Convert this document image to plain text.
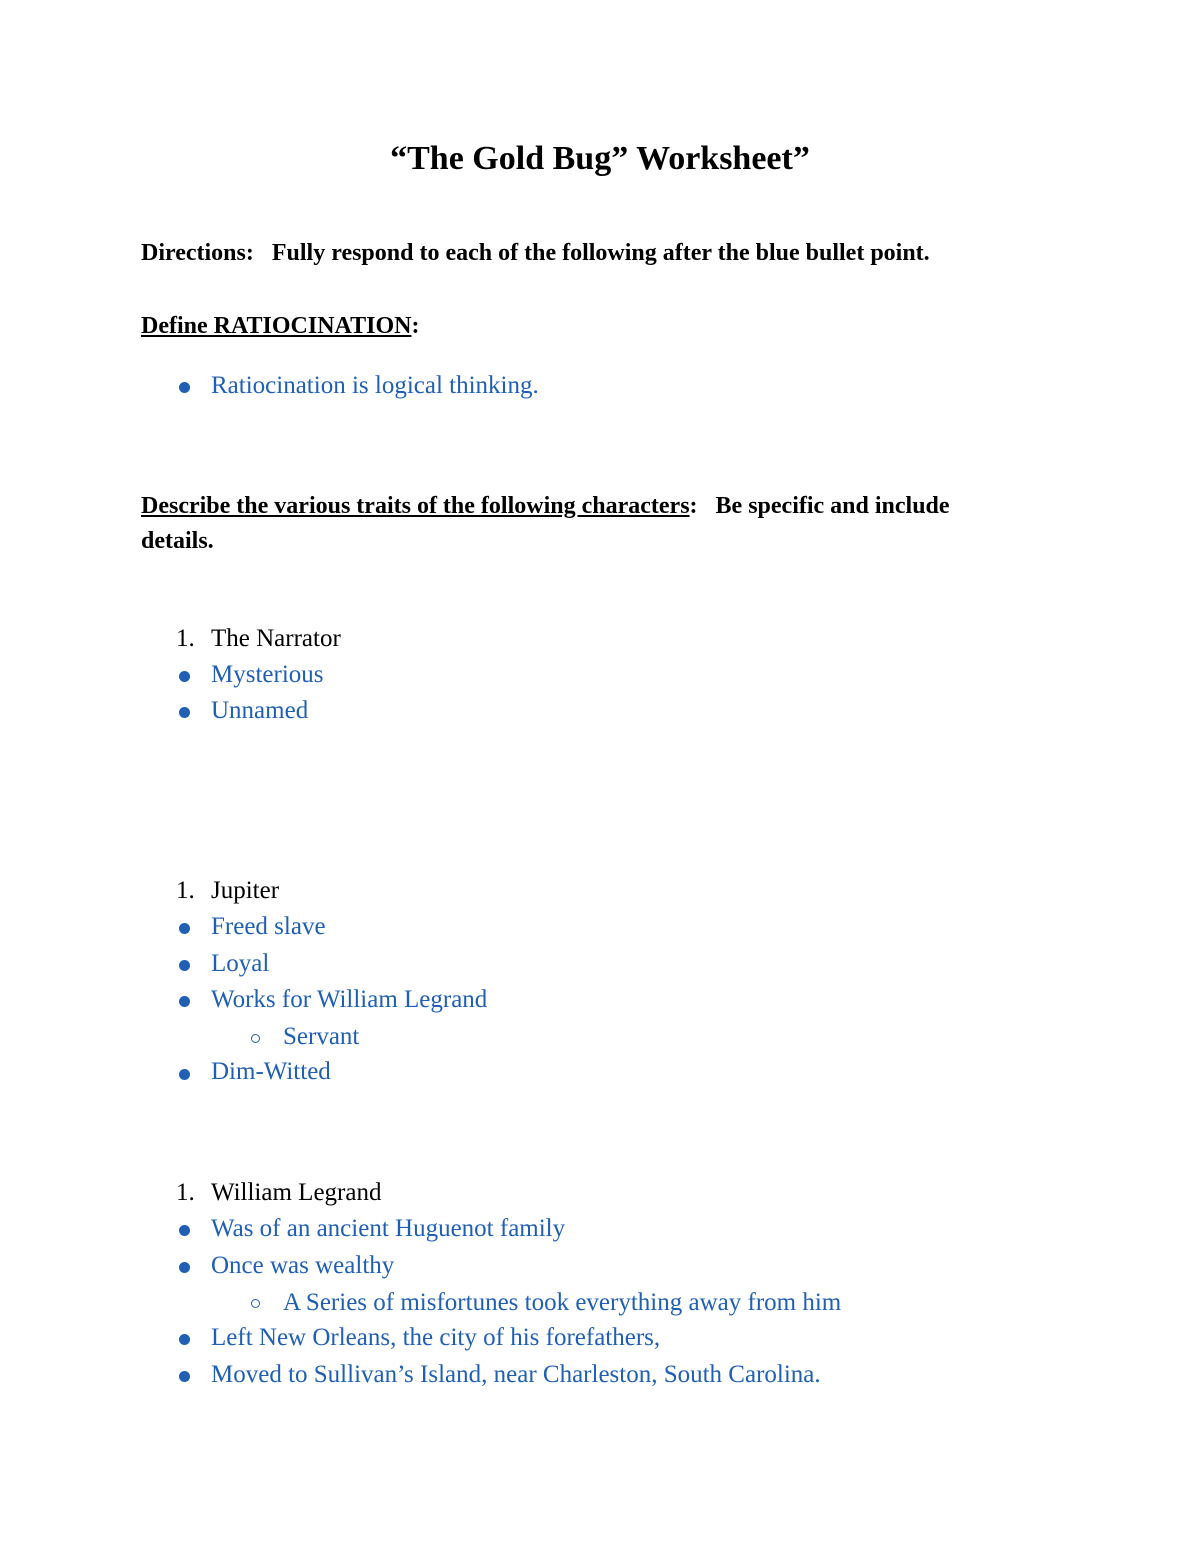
“The Gold Bug” Worksheet”
Directions: Fully respond to each of the following after the blue bullet point.
Define RATIOCINATION:
Ratiocination is logical thinking.
Describe the various traits of the following characters: Be specific and include
details.
1. The Narrator
Mysterious
Unnamed
1. Jupiter
Freed slave
Loyal
Works for William Legrand
Servant
Dim-Witted
1. William Legrand
Was of an ancient Huguenot family
Once was wealthy
A Series of misfortunes took everything away from him
Left New Orleans, the city of his forefathers,
Moved to Sullivan’s Island, near Charleston, South Carolina.
